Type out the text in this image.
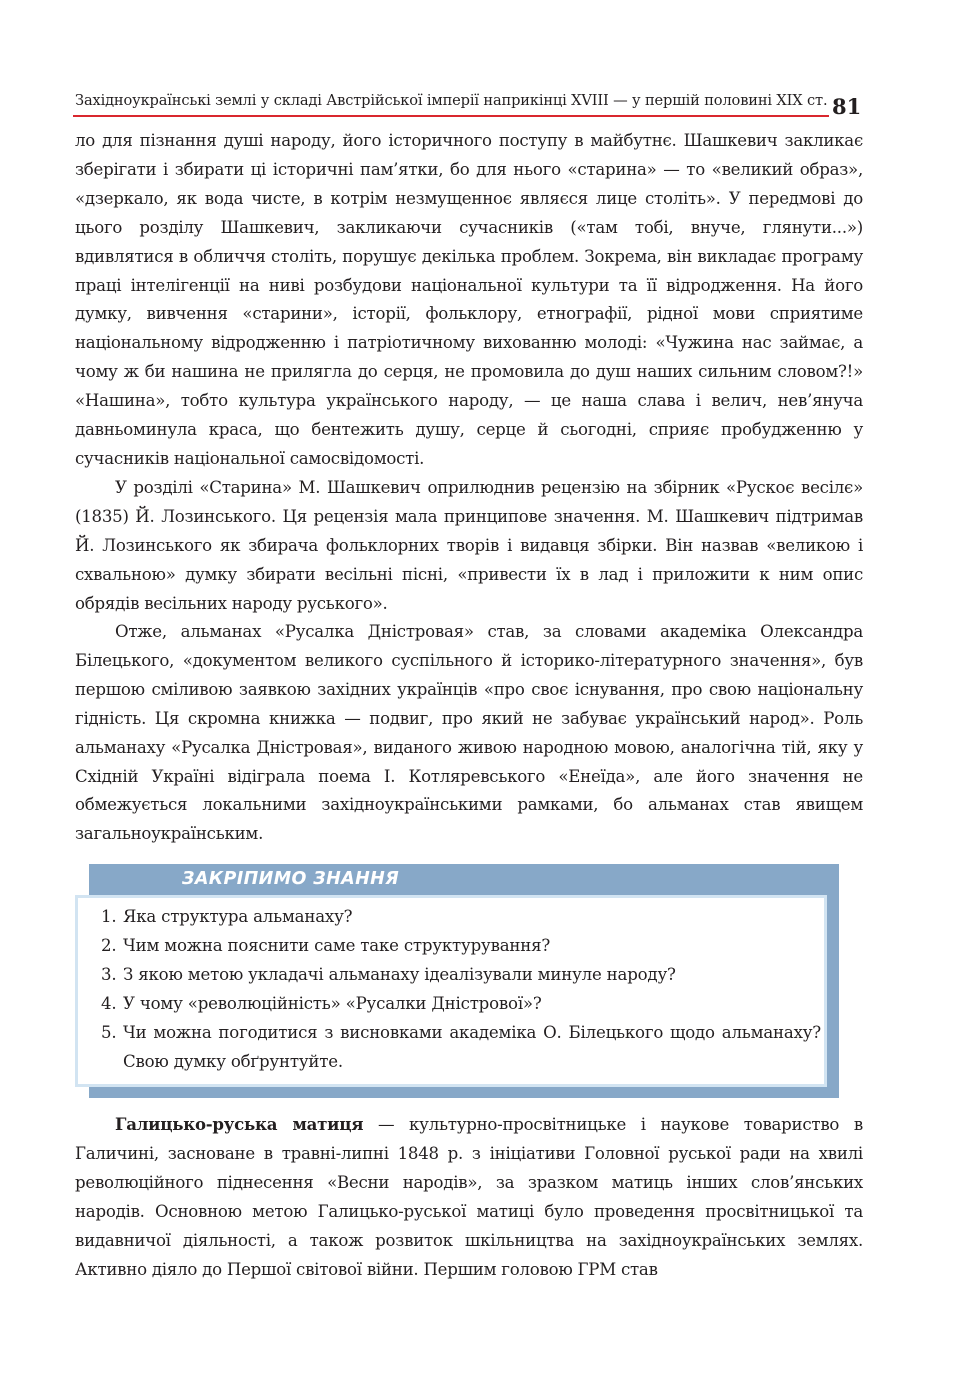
Західноукраїнські землі у складі Австрійської імперії наприкінці XVIII — у першій половині XIX ст. 81

ло для пізнання душі народу, його історичного поступу в майбутнє. Шашкевич закликає зберігати і збирати ці історичні пам’ятки, бо для нього «старина» — то «великий образ», «дзеркало, як вода чисте, в котрім незмущенноє являєся лице століть». У передмові до цього розділу Шашкевич, закликаючи сучасників («там тобі, внуче, глянути...») вдивлятися в обличчя століть, порушує декілька проблем. Зокрема, він викладає програму праці інтелігенції на ниві розбудови національної культури та її відродження. На його думку, вивчення «старини», історії, фольклору, етнографії, рідної мови сприятиме національному відродженню і патріотичному вихованню молоді: «Чужина нас займає, а чому ж би нашина не прилягла до серця, не промовила до душ наших сильним словом?!» «Нашина», тобто культура українського народу, — це наша слава і велич, нев’януча давньоминула краса, що бентежить душу, серце й сьогодні, сприяє пробудженню у сучасників національної самосвідомості.

У розділі «Старина» М. Шашкевич оприлюднив рецензію на збірник «Рускоє весілє» (1835) Й. Лозинського. Ця рецензія мала принципове значення. М. Шашкевич підтримав Й. Лозинського як збирача фольклорних творів і видавця збірки. Він назвав «великою і схвальною» думку збирати весільні пісні, «привести їх в лад і приложити к ним опис обрядів весільних народу руського».

Отже, альманах «Русалка Дністровая» став, за словами академіка Олександра Білецького, «документом великого суспільного й історико-літературного значення», був першою сміливою заявкою західних українців «про своє існування, про свою національну гідність. Ця скромна книжка — подвиг, про який не забуває український народ». Роль альманаху «Русалка Дністровая», виданого живою народною мовою, аналогічна тій, яку у Східній Україні відіграла поема І. Котляревського «Енеїда», але його значення не обмежується локальними західноукраїнськими рамками, бо альманах став явищем загальноукраїнським.

ЗАКРІПИМО ЗНАННЯ
1. Яка структура альманаху?
2. Чим можна пояснити саме таке структурування?
3. З якою метою укладачі альманаху ідеалізували минуле народу?
4. У чому «революційність» «Русалки Дністрової»?
5. Чи можна погодитися з висновками академіка О. Білецького щодо альманаху? Свою думку обґрунтуйте.

Галицько-руська матиця — культурно-просвітницьке і наукове товариство в Галичині, засноване в травні-липні 1848 р. з ініціативи Головної руської ради на хвилі революційного піднесення «Весни народів», за зразком матиць інших слов’янських народів. Основною метою Галицько-руської матиці було проведення просвітницької та видавничої діяльності, а також розвиток шкільництва на західноукраїнських землях. Активно діяло до Першої світової війни. Першим головою ГРМ став
